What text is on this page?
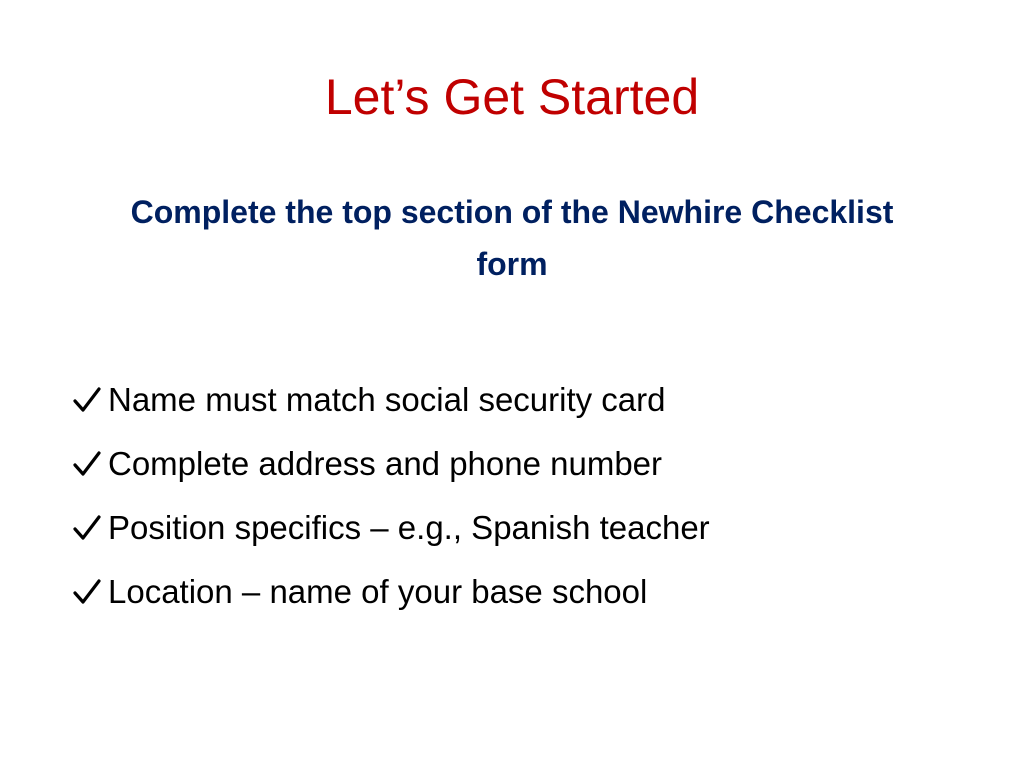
Let’s Get Started

Complete the top section of the Newhire Checklist form

Name must match social security card
Complete address and phone number
Position specifics – e.g., Spanish teacher
Location – name of your base school
